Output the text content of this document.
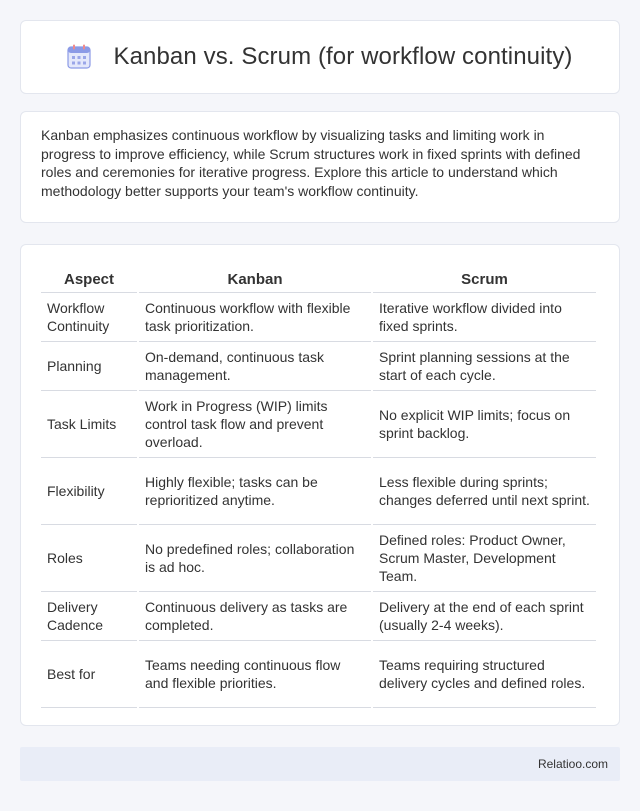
Kanban vs. Scrum (for workflow continuity)

Kanban emphasizes continuous workflow by visualizing tasks and limiting work in progress to improve efficiency, while Scrum structures work in fixed sprints with defined roles and ceremonies for iterative progress. Explore this article to understand which methodology better supports your team's workflow continuity.

Aspect	Kanban	Scrum
Workflow Continuity	Continuous workflow with flexible task prioritization.	Iterative workflow divided into fixed sprints.
Planning	On-demand, continuous task management.	Sprint planning sessions at the start of each cycle.
Task Limits	Work in Progress (WIP) limits control task flow and prevent overload.	No explicit WIP limits; focus on sprint backlog.
Flexibility	Highly flexible; tasks can be reprioritized anytime.	Less flexible during sprints; changes deferred until next sprint.
Roles	No predefined roles; collaboration is ad hoc.	Defined roles: Product Owner, Scrum Master, Development Team.
Delivery Cadence	Continuous delivery as tasks are completed.	Delivery at the end of each sprint (usually 2-4 weeks).
Best for	Teams needing continuous flow and flexible priorities.	Teams requiring structured delivery cycles and defined roles.
Relatioo.com
